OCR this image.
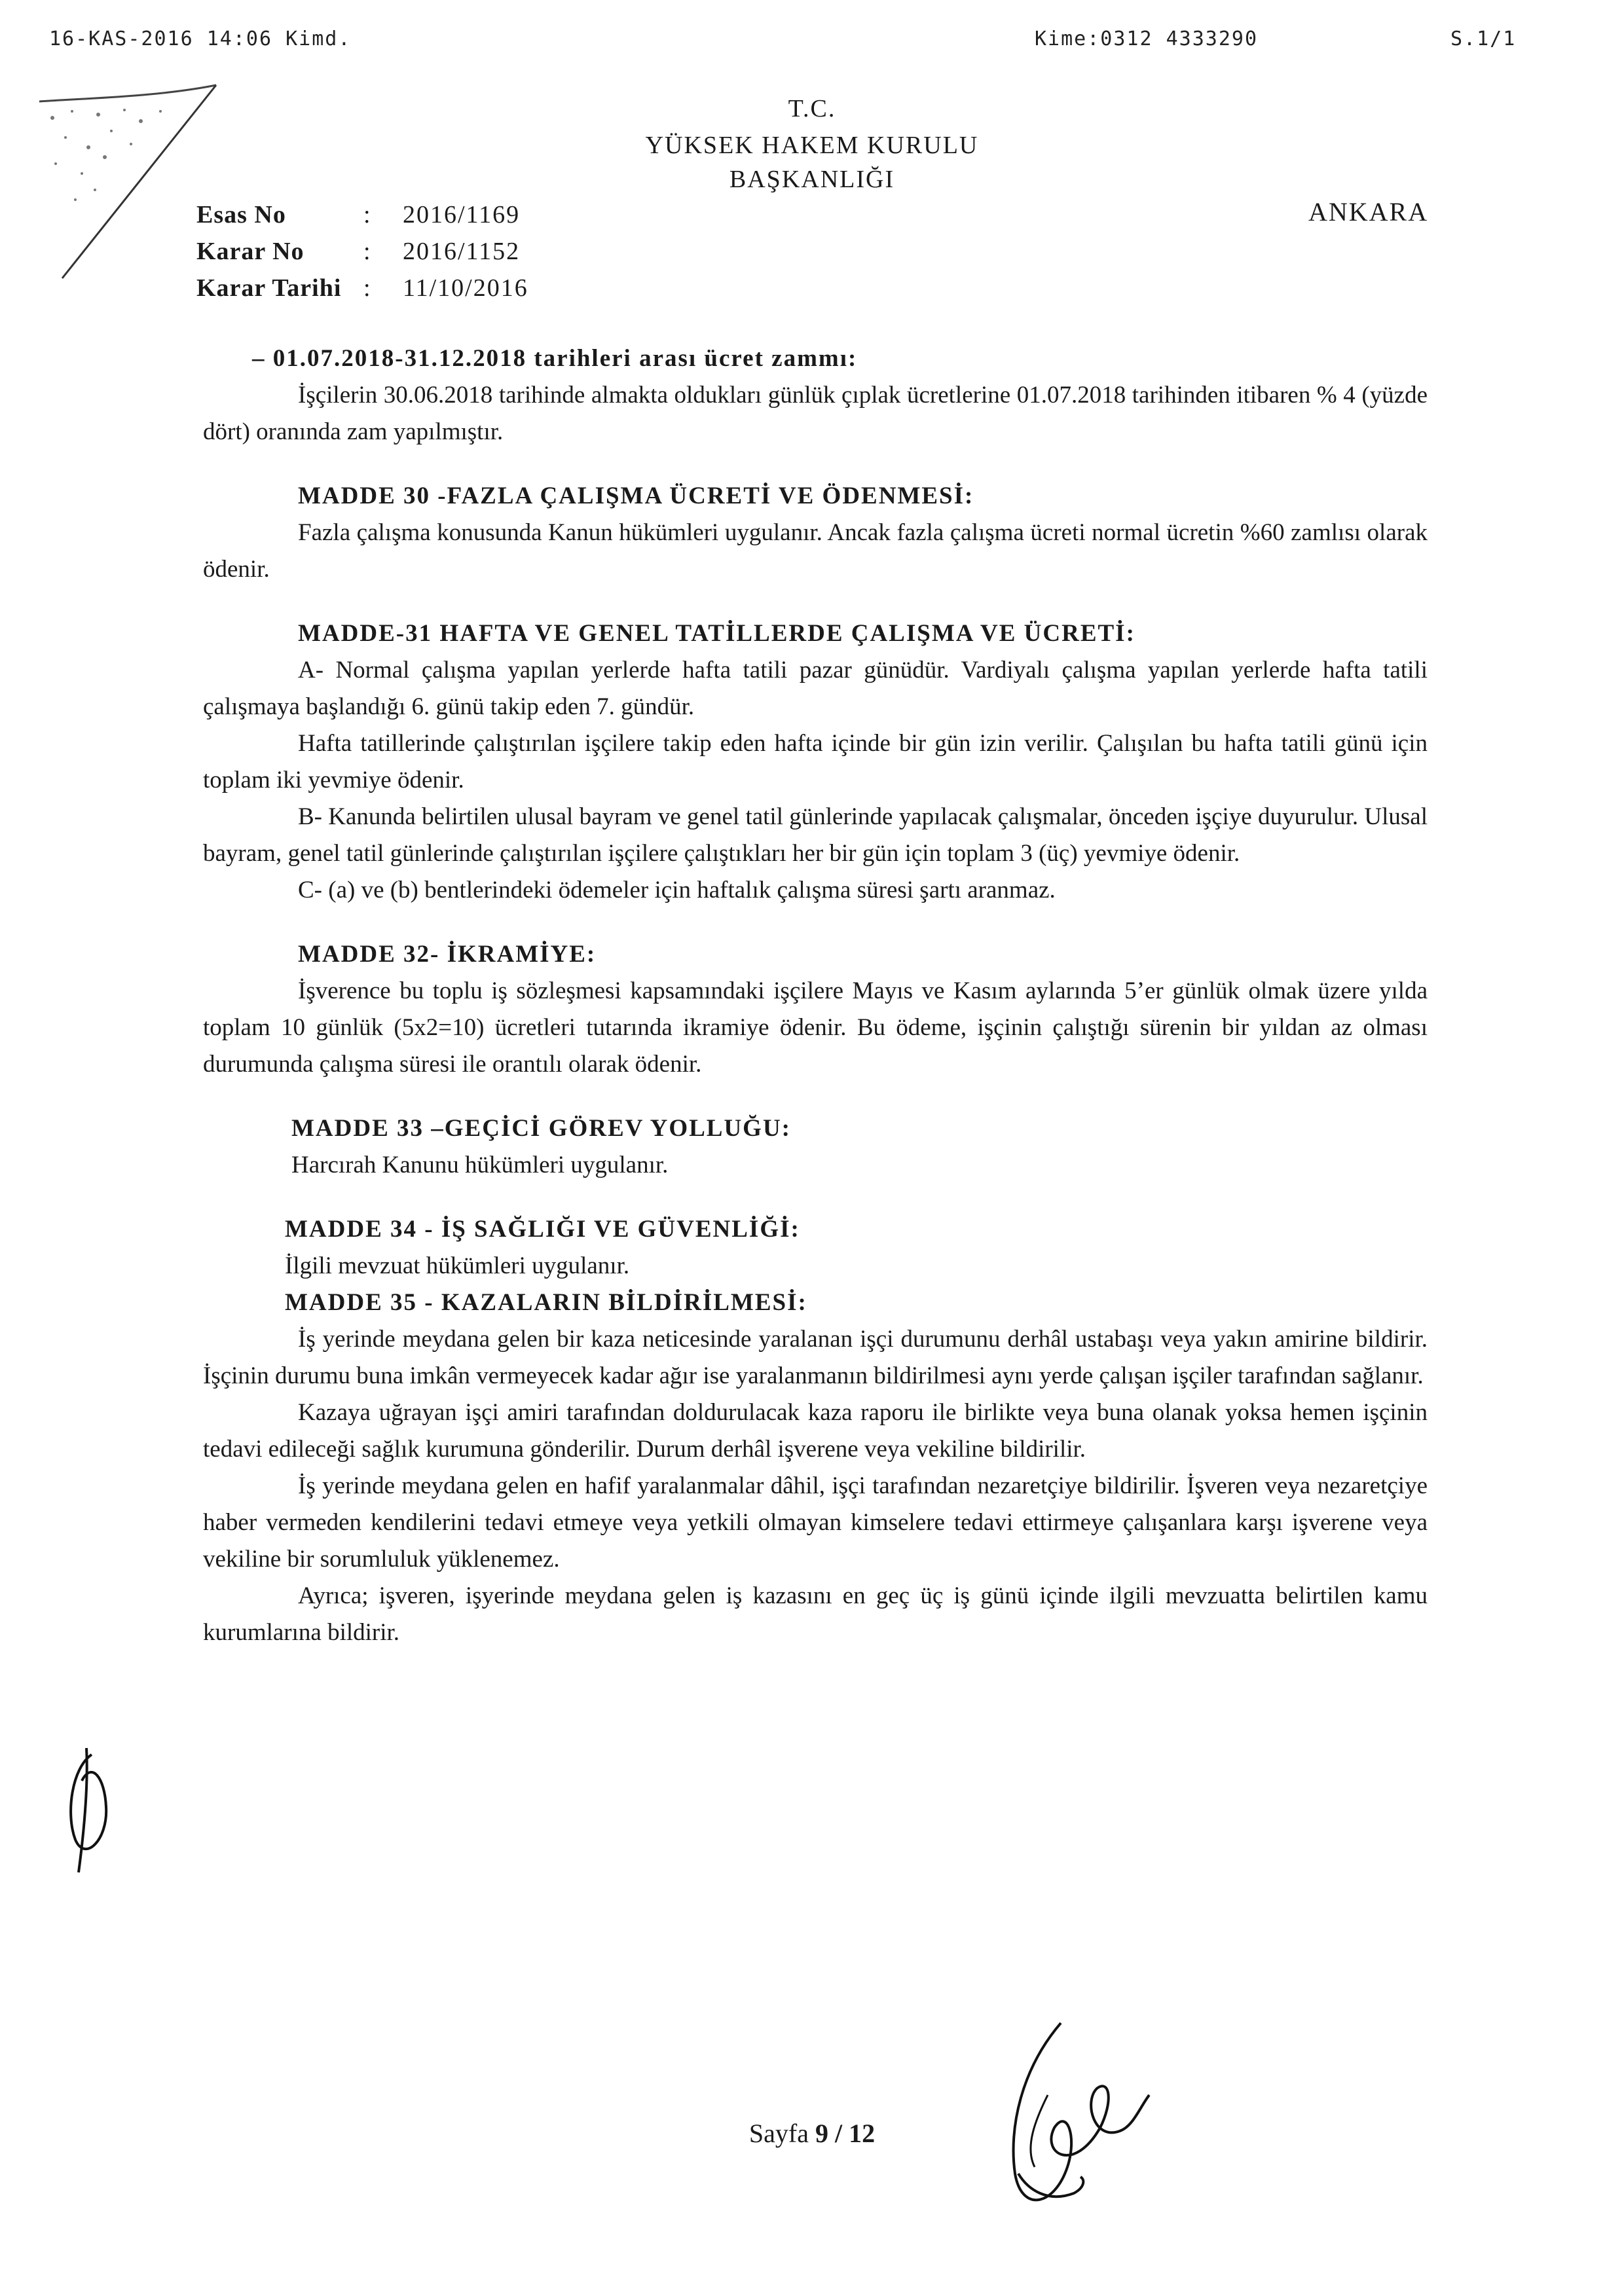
16-KAS-2016 14:06 Kimd.	Kime:0312 4333290	S.1/1
T.C.
YÜKSEK HAKEM KURULU
BAŞKANLIĞI
Esas No	:	2016/1169
Karar No	:	2016/1152
Karar Tarihi :	11/10/2016
ANKARA
– 01.07.2018-31.12.2018 tarihleri arası ücret zammı:

İşçilerin 30.06.2018 tarihinde almakta oldukları günlük çıplak ücretlerine 01.07.2018 tarihinden itibaren % 4 (yüzde dört) oranında zam yapılmıştır.

MADDE 30 -FAZLA ÇALIŞMA ÜCRETİ VE ÖDENMESİ:

Fazla çalışma konusunda Kanun hükümleri uygulanır. Ancak fazla çalışma ücreti normal ücretin %60 zamlısı olarak ödenir.

MADDE-31 HAFTA VE GENEL TATİLLERDE ÇALIŞMA VE ÜCRETİ:

A- Normal çalışma yapılan yerlerde hafta tatili pazar günüdür. Vardiyalı çalışma yapılan yerlerde hafta tatili çalışmaya başlandığı 6. günü takip eden 7. gündür.

Hafta tatillerinde çalıştırılan işçilere takip eden hafta içinde bir gün izin verilir. Çalışılan bu hafta tatili günü için toplam iki yevmiye ödenir.

B- Kanunda belirtilen ulusal bayram ve genel tatil günlerinde yapılacak çalışmalar, önceden işçiye duyurulur. Ulusal bayram, genel tatil günlerinde çalıştırılan işçilere çalıştıkları her bir gün için toplam 3 (üç) yevmiye ödenir.

C- (a) ve (b) bentlerindeki ödemeler için haftalık çalışma süresi şartı aranmaz.

MADDE 32- İKRAMİYE:

İşverence bu toplu iş sözleşmesi kapsamındaki işçilere Mayıs ve Kasım aylarında 5’er günlük olmak üzere yılda toplam 10 günlük (5x2=10) ücretleri tutarında ikramiye ödenir. Bu ödeme, işçinin çalıştığı sürenin bir yıldan az olması durumunda çalışma süresi ile orantılı olarak ödenir.

MADDE 33 –GEÇİCİ GÖREV YOLLUĞU:

Harcırah Kanunu hükümleri uygulanır.

MADDE 34 - İŞ SAĞLIĞI VE GÜVENLİĞİ:

İlgili mevzuat hükümleri uygulanır.

MADDE 35 - KAZALARIN BİLDİRİLMESİ:

İş yerinde meydana gelen bir kaza neticesinde yaralanan işçi durumunu derhâl ustabaşı veya yakın amirine bildirir. İşçinin durumu buna imkân vermeyecek kadar ağır ise yaralanmanın bildirilmesi aynı yerde çalışan işçiler tarafından sağlanır.

Kazaya uğrayan işçi amiri tarafından doldurulacak kaza raporu ile birlikte veya buna olanak yoksa hemen işçinin tedavi edileceği sağlık kurumuna gönderilir. Durum derhâl işverene veya vekiline bildirilir.

İş yerinde meydana gelen en hafif yaralanmalar dâhil, işçi tarafından nezaretçiye bildirilir. İşveren veya nezaretçiye haber vermeden kendilerini tedavi etmeye veya yetkili olmayan kimselere tedavi ettirmeye çalışanlara karşı işverene veya vekiline bir sorumluluk yüklenemez.

Ayrıca; işveren, işyerinde meydana gelen iş kazasını en geç üç iş günü içinde ilgili mevzuatta belirtilen kamu kurumlarına bildirir.

Sayfa 9 / 12
